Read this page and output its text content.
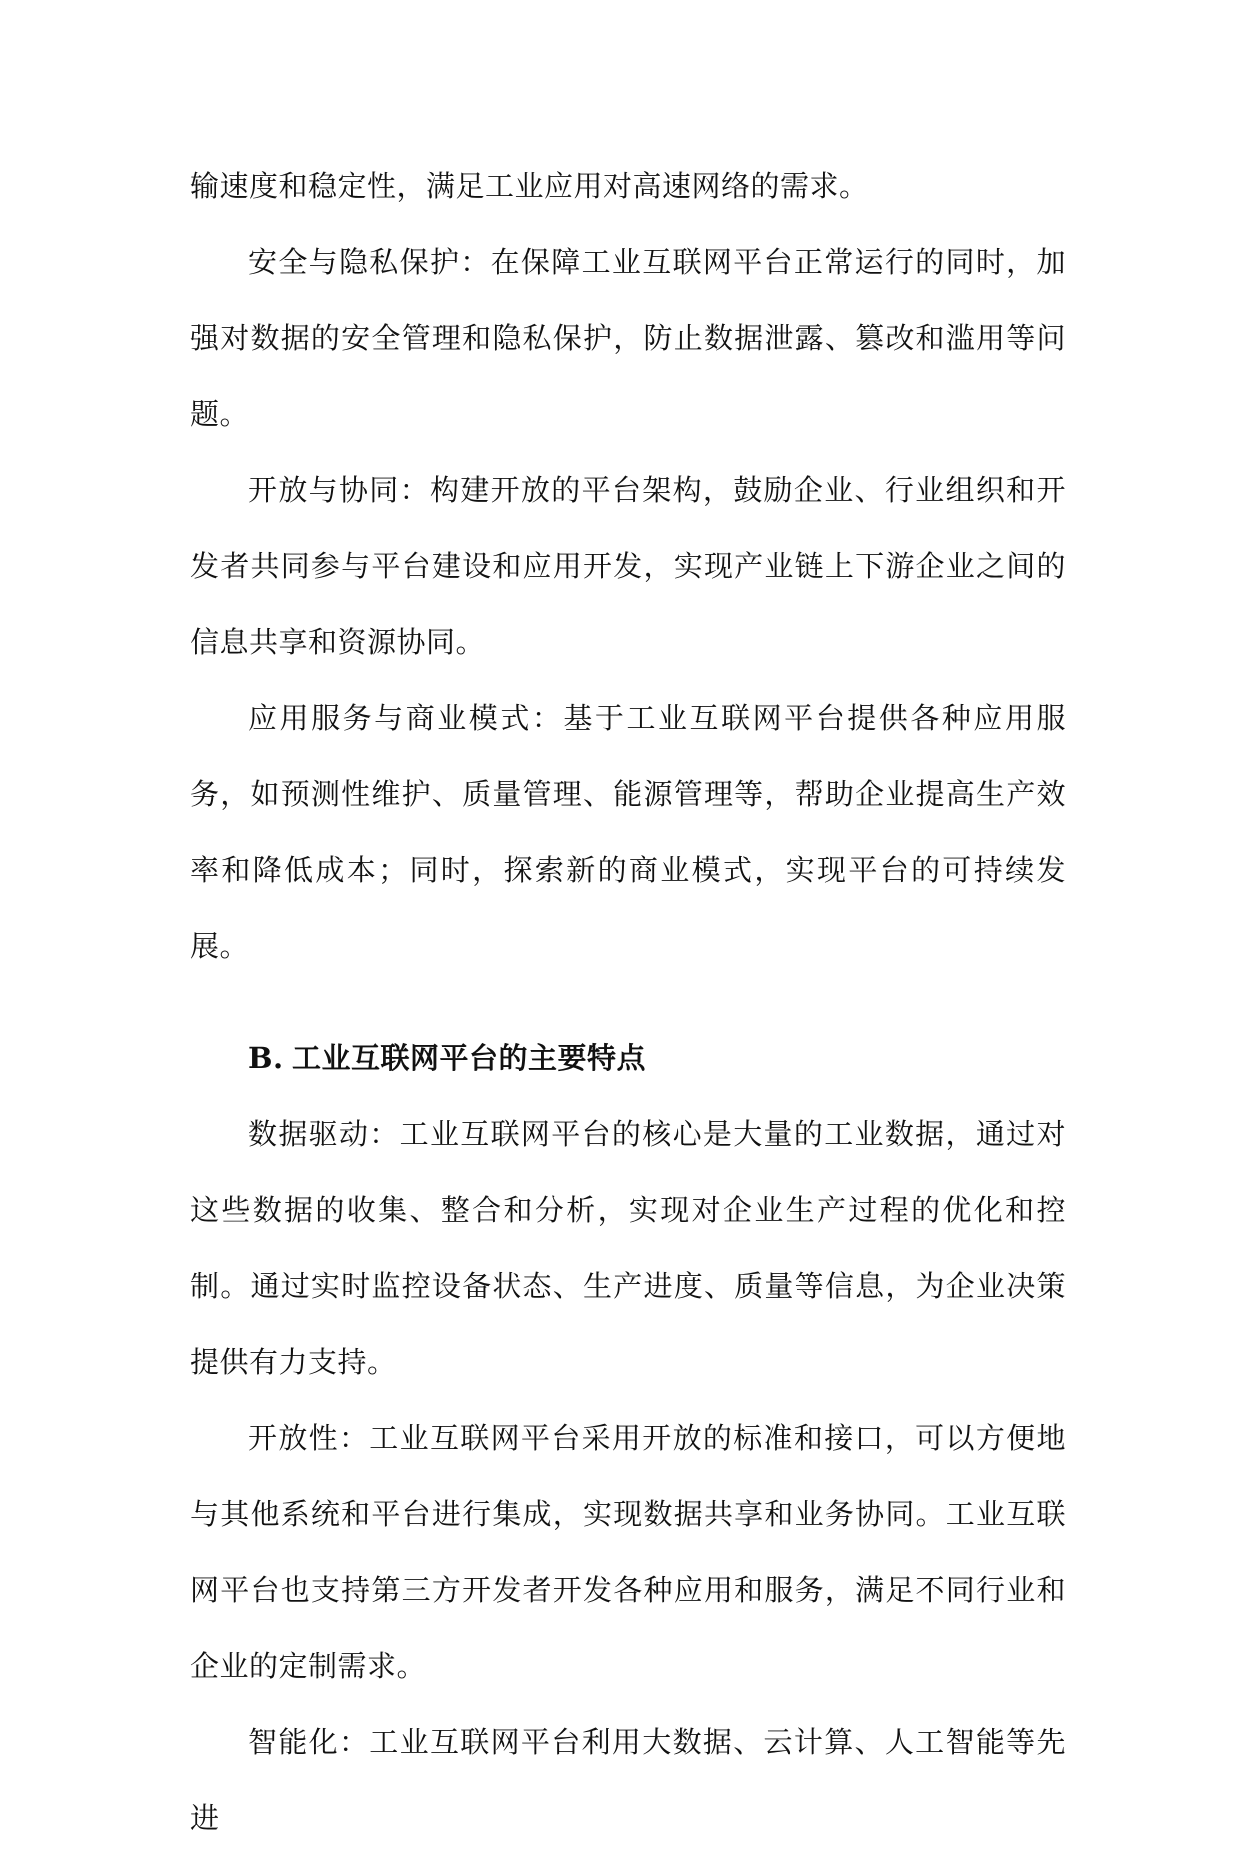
输速度和稳定性，满足工业应用对高速网络的需求。

安全与隐私保护：在保障工业互联网平台正常运行的同时，加强对数据的安全管理和隐私保护，防止数据泄露、篡改和滥用等问题。

开放与协同：构建开放的平台架构，鼓励企业、行业组织和开发者共同参与平台建设和应用开发，实现产业链上下游企业之间的信息共享和资源协同。

应用服务与商业模式：基于工业互联网平台提供各种应用服务，如预测性维护、质量管理、能源管理等，帮助企业提高生产效率和降低成本；同时，探索新的商业模式，实现平台的可持续发展。

B. 工业互联网平台的主要特点

数据驱动：工业互联网平台的核心是大量的工业数据，通过对这些数据的收集、整合和分析，实现对企业生产过程的优化和控制。通过实时监控设备状态、生产进度、质量等信息，为企业决策提供有力支持。

开放性：工业互联网平台采用开放的标准和接口，可以方便地与其他系统和平台进行集成，实现数据共享和业务协同。工业互联网平台也支持第三方开发者开发各种应用和服务，满足不同行业和企业的定制需求。

智能化：工业互联网平台利用大数据、云计算、人工智能等先进
